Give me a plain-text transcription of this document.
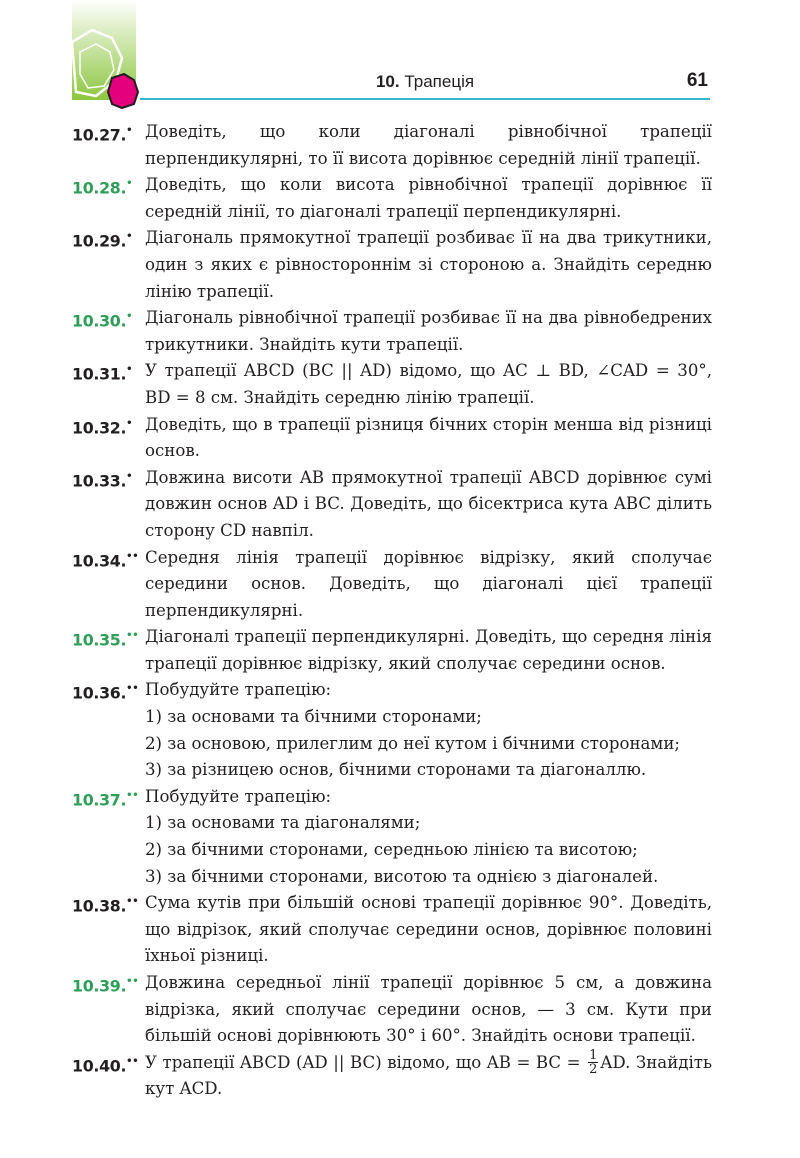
10. Трапеція	61
10.27.• Доведіть, що коли діагоналі рівнобічної трапеції перпендикулярні, то її висота дорівнює середній лінії трапеції.
10.28.• Доведіть, що коли висота рівнобічної трапеції дорівнює її середній лінії, то діагоналі трапеції перпендикулярні.
10.29.• Діагональ прямокутної трапеції розбиває її на два трикутники, один з яких є рівностороннім зі стороною a. Знайдіть середню лінію трапеції.
10.30.• Діагональ рівнобічної трапеції розбиває її на два рівнобедрених трикутники. Знайдіть кути трапеції.
10.31.• У трапеції ABCD (BC || AD) відомо, що AC ⊥ BD, ∠CAD = 30°, BD = 8 см. Знайдіть середню лінію трапеції.
10.32.• Доведіть, що в трапеції різниця бічних сторін менша від різниці основ.
10.33.• Довжина висоти AB прямокутної трапеції ABCD дорівнює сумі довжин основ AD і BC. Доведіть, що бісектриса кута ABC ділить сторону CD навпіл.
10.34.•• Середня лінія трапеції дорівнює відрізку, який сполучає середини основ. Доведіть, що діагоналі цієї трапеції перпендикулярні.
10.35.•• Діагоналі трапеції перпендикулярні. Доведіть, що середня лінія трапеції дорівнює відрізку, який сполучає середини основ.
10.36.•• Побудуйте трапецію:
1) за основами та бічними сторонами;
2) за основою, прилеглим до неї кутом і бічними сторонами;
3) за різницею основ, бічними сторонами та діагоналлю.
10.37.•• Побудуйте трапецію:
1) за основами та діагоналями;
2) за бічними сторонами, середньою лінією та висотою;
3) за бічними сторонами, висотою та однією з діагоналей.
10.38.•• Сума кутів при більшій основі трапеції дорівнює 90°. Доведіть, що відрізок, який сполучає середини основ, дорівнює половині їхньої різниці.
10.39.•• Довжина середньої лінії трапеції дорівнює 5 см, а довжина відрізка, який сполучає середини основ, — 3 см. Кути при більшій основі дорівнюють 30° і 60°. Знайдіть основи трапеції.
10.40.•• У трапеції ABCD (AD || BC) відомо, що AB = BC = $\frac{1}{2}$ AD. Знайдіть кут ACD.
